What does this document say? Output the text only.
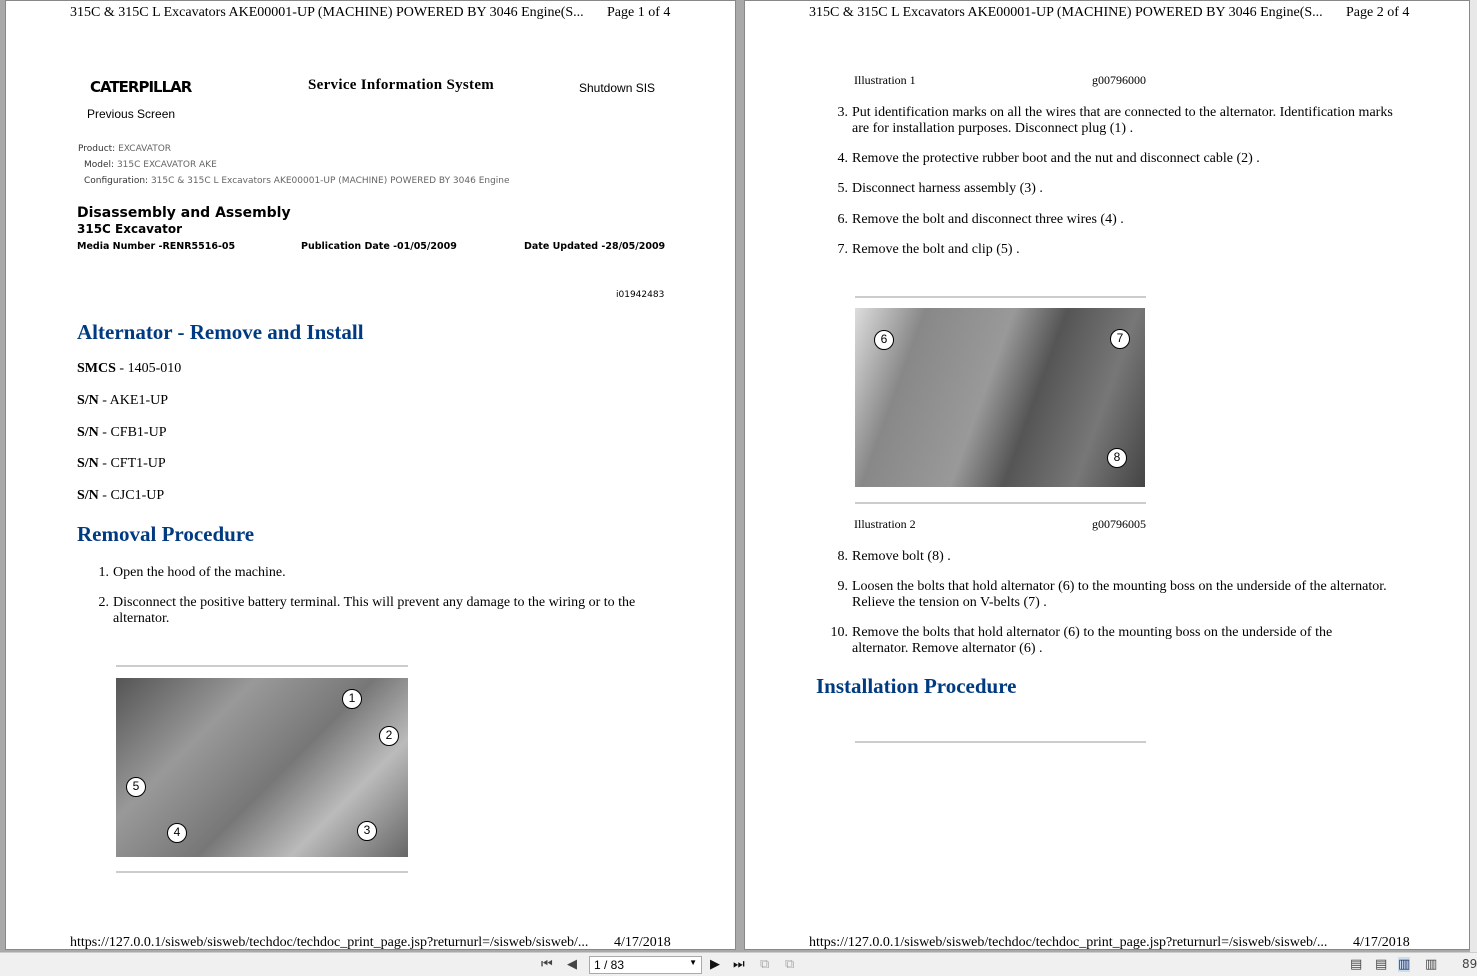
315C & 315C L Excavators AKE00001-UP (MACHINE) POWERED BY 3046 Engine(S... Page 1 of 4
CATERPILLAR	Service Information System	Shutdown SIS
Previous Screen
Product: EXCAVATOR
Model: 315C EXCAVATOR AKE
Configuration: 315C & 315C L Excavators AKE00001-UP (MACHINE) POWERED BY 3046 Engine
Disassembly and Assembly
315C Excavator
Media Number -RENR5516-05	Publication Date -01/05/2009	Date Updated -28/05/2009
i01942483
Alternator - Remove and Install
SMCS - 1405-010
S/N - AKE1-UP
S/N - CFB1-UP
S/N - CFT1-UP
S/N - CJC1-UP
Removal Procedure
1. Open the hood of the machine.
2. Disconnect the positive battery terminal. This will prevent any damage to the wiring or to the alternator.
1
2
3
4
5
https://127.0.0.1/sisweb/sisweb/techdoc/techdoc_print_page.jsp?returnurl=/sisweb/sisweb/... 4/17/2018
315C & 315C L Excavators AKE00001-UP (MACHINE) POWERED BY 3046 Engine(S... Page 2 of 4
Illustration 1	g00796000
3. Put identification marks on all the wires that are connected to the alternator. Identification marks are for installation purposes. Disconnect plug (1) .
4. Remove the protective rubber boot and the nut and disconnect cable (2) .
5. Disconnect harness assembly (3) .
6. Remove the bolt and disconnect three wires (4) .
7. Remove the bolt and clip (5) .
6	7
8
Illustration 2	g00796005
8. Remove bolt (8) .
9. Loosen the bolts that hold alternator (6) to the mounting boss on the underside of the alternator. Relieve the tension on V-belts (7) .
10. Remove the bolts that hold alternator (6) to the mounting boss on the underside of the alternator. Remove alternator (6) .
Installation Procedure
https://127.0.0.1/sisweb/sisweb/techdoc/techdoc_print_page.jsp?returnurl=/sisweb/sisweb/... 4/17/2018
⏮ ◀	1 / 83	▼ ▶ ⏭ ⧉ ⧉	▤ ▤ ▥ ▥ 89
